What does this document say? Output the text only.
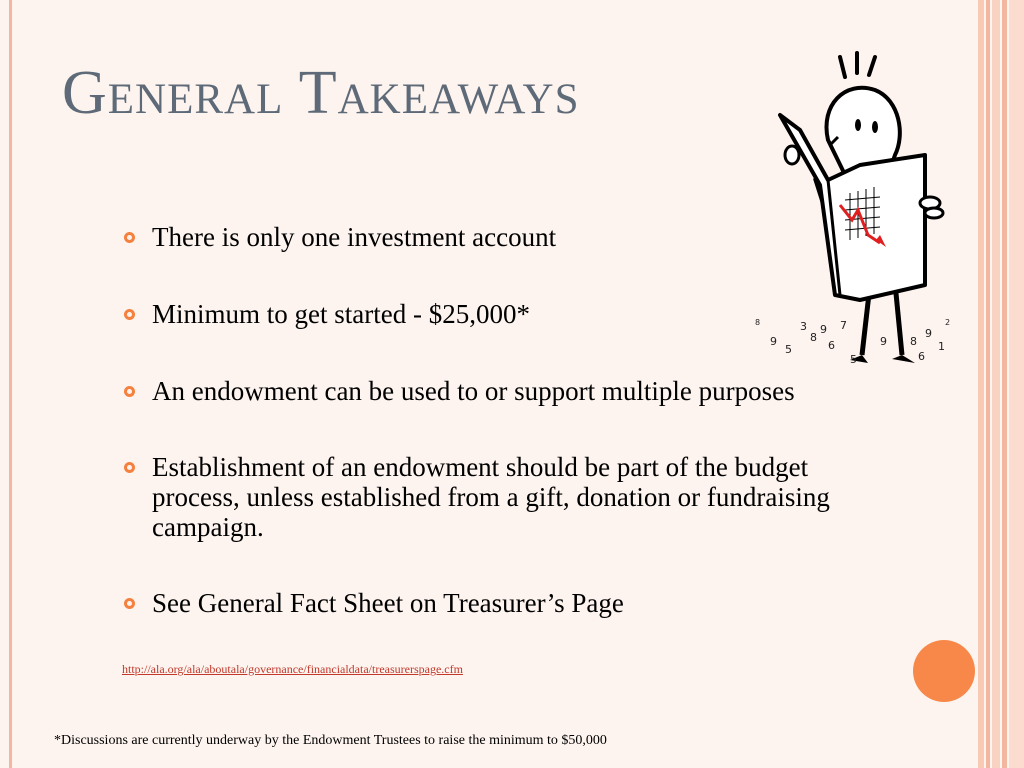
General Takeaways
There is only one investment account
Minimum to get started - $25,000*
An endowment can be used to or support multiple purposes
Establishment of an endowment should be part of the budget process, unless established from a gift, donation or fundraising campaign.
See General Fact Sheet on Treasurer’s Page
http://ala.org/ala/aboutala/governance/financialdata/treasurerspage.cfm
*Discussions are currently underway by the Endowment Trustees to raise the minimum to $50,000
9
5
8
6
9 7
3
8
9
1
6
5
9
8	2
